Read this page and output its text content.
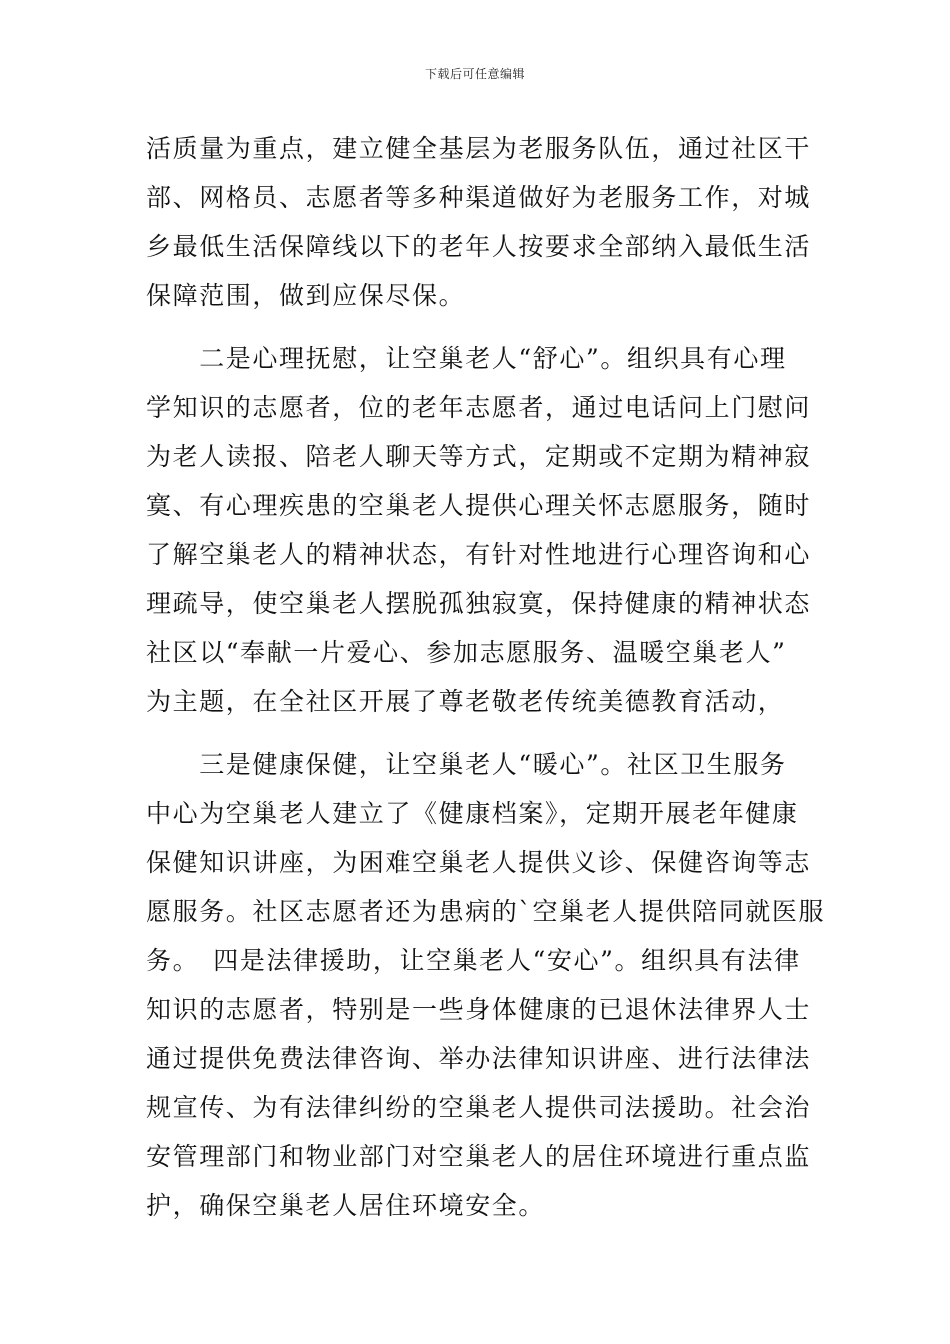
下载后可任意编辑
活质量为重点，建立健全基层为老服务队伍，通过社区干
部、网格员、志愿者等多种渠道做好为老服务工作，对城
乡最低生活保障线以下的老年人按要求全部纳入最低生活
保障范围，做到应保尽保。
　　二是心理抚慰，让空巢老人“舒心”。组织具有心理
学知识的志愿者，位的老年志愿者，通过电话问上门慰问
为老人读报、陪老人聊天等方式，定期或不定期为精神寂
寞、有心理疾患的空巢老人提供心理关怀志愿服务，随时
了解空巢老人的精神状态，有针对性地进行心理咨询和心
理疏导，使空巢老人摆脱孤独寂寞，保持健康的精神状态
社区以“奉献一片爱心、参加志愿服务、温暖空巢老人”
为主题，在全社区开展了尊老敬老传统美德教育活动，
　　三是健康保健，让空巢老人“暖心”。社区卫生服务
中心为空巢老人建立了《健康档案》，定期开展老年健康
保健知识讲座，为困难空巢老人提供义诊、保健咨询等志
愿服务。社区志愿者还为患病的`空巢老人提供陪同就医服
务。　四是法律援助，让空巢老人“安心”。组织具有法律
知识的志愿者，特别是一些身体健康的已退休法律界人士
通过提供免费法律咨询、举办法律知识讲座、进行法律法
规宣传、为有法律纠纷的空巢老人提供司法援助。社会治
安管理部门和物业部门对空巢老人的居住环境进行重点监
护，确保空巢老人居住环境安全。
